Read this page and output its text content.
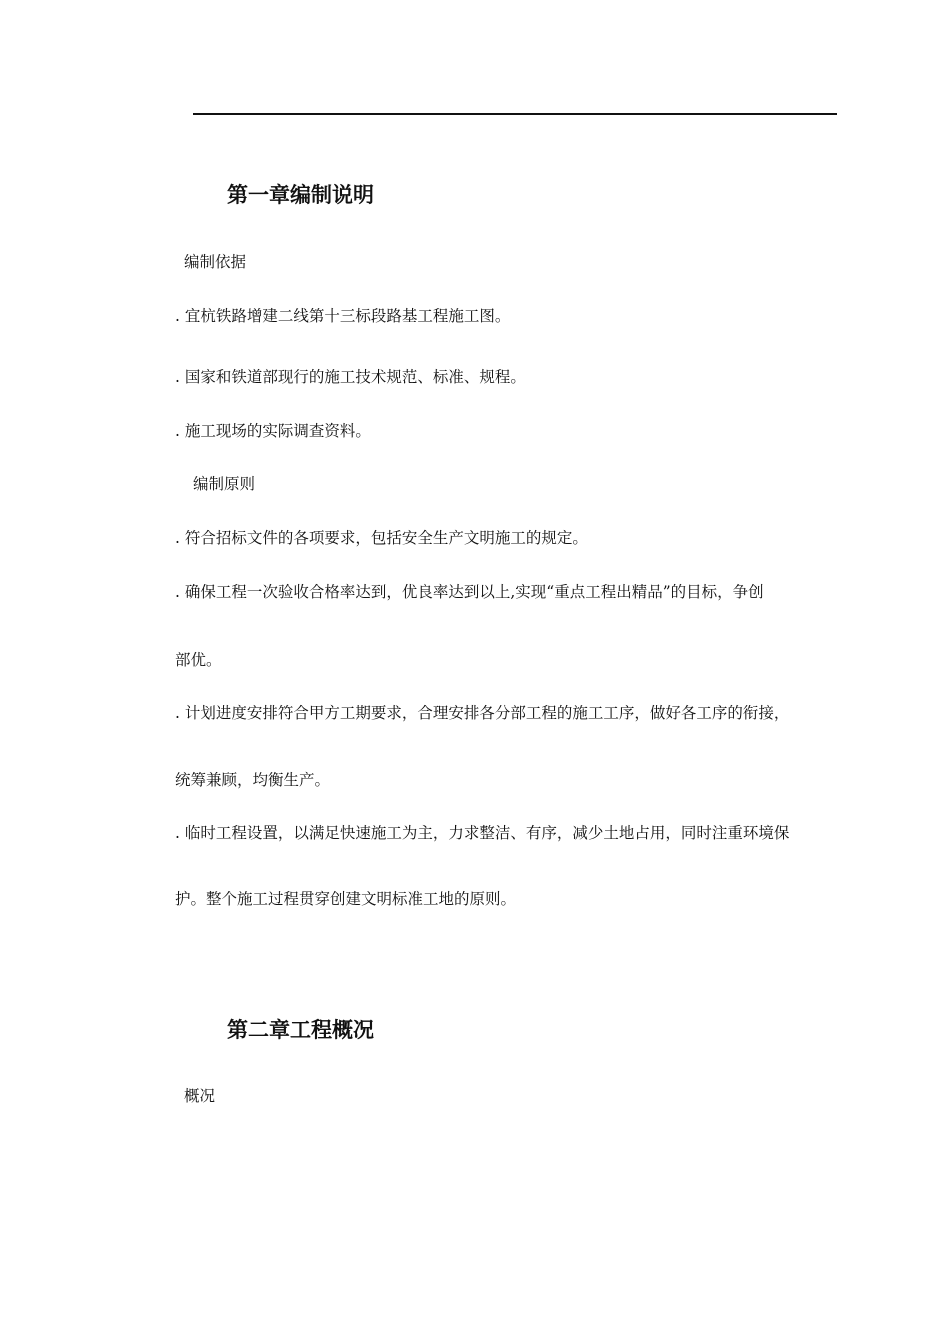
第一章编制说明
编制依据
. 宜杭铁路增建二线第十三标段路基工程施工图。
. 国家和铁道部现行的施工技术规范、标准、规程。
. 施工现场的实际调查资料。
编制原则
. 符合招标文件的各项要求，包括安全生产文明施工的规定。
. 确保工程一次验收合格率达到，优良率达到以上,实现“重点工程出精品”的目标，争创
部优。
. 计划进度安排符合甲方工期要求，合理安排各分部工程的施工工序，做好各工序的衔接，
统筹兼顾，均衡生产。
. 临时工程设置，以满足快速施工为主，力求整洁、有序，减少土地占用，同时注重环境保
护。整个施工过程贯穿创建文明标准工地的原则。
第二章工程概况
概况
